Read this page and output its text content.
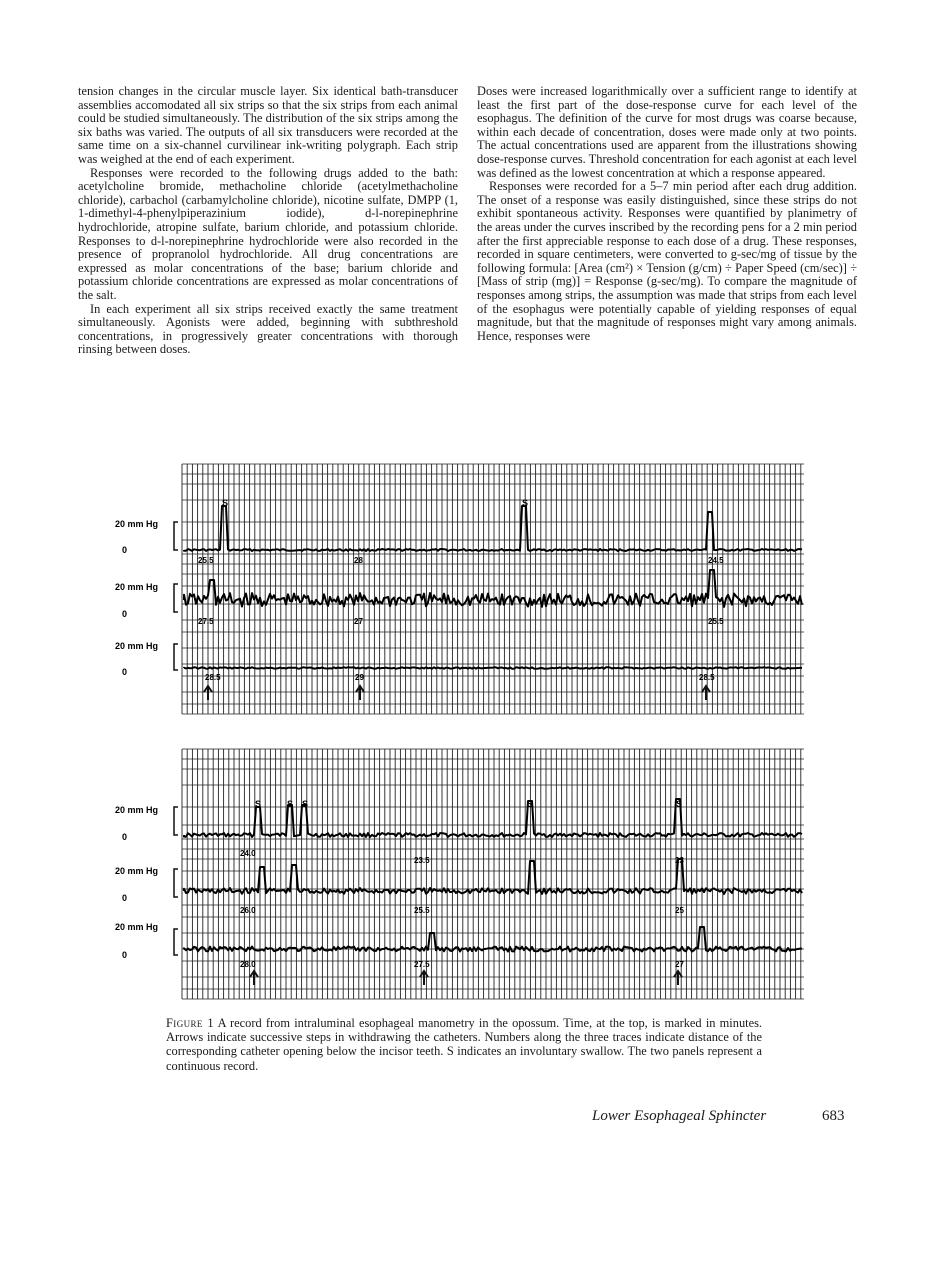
tension changes in the circular muscle layer. Six identical bath-transducer assemblies accomodated all six strips so that the six strips from each animal could be studied simultaneously. The distribution of the six strips among the six baths was varied. The outputs of all six transducers were recorded at the same time on a six-channel curvilinear ink-writing polygraph. Each strip was weighed at the end of each experiment.

Responses were recorded to the following drugs added to the bath: acetylcholine bromide, methacholine chloride (acetylmethacholine chloride), carbachol (carbamylcholine chloride), nicotine sulfate, DMPP (1, 1-dimethyl-4-phenylpiperazinium iodide), d-l-norepinephrine hydrochloride, atropine sulfate, barium chloride, and potassium chloride. Responses to d-l-norepinephrine hydrochloride were also recorded in the presence of propranolol hydrochloride. All drug concentrations are expressed as molar concentrations of the base; barium chloride and potassium chloride concentrations are expressed as molar concentrations of the salt.

In each experiment all six strips received exactly the same treatment simultaneously. Agonists were added, beginning with subthreshold concentrations, in progressively greater concentrations with thorough rinsing between doses.

Doses were increased logarithmically over a sufficient range to identify at least the first part of the dose-response curve for each level of the esophagus. The definition of the curve for most drugs was coarse because, within each decade of concentration, doses were made only at two points. The actual concentrations used are apparent from the illustrations showing dose-response curves. Threshold concentration for each agonist at each level was defined as the lowest concentration at which a response appeared.

Responses were recorded for a 5–7 min period after each drug addition. The onset of a response was easily distinguished, since these strips do not exhibit spontaneous activity. Responses were quantified by planimetry of the areas under the curves inscribed by the recording pens for a 2 min period after the first appreciable response to each dose of a drug. These responses, recorded in square centimeters, were converted to g-sec/mg of tissue by the following formula: [Area (cm²) × Tension (g/cm) ÷ Paper Speed (cm/sec)] ÷ [Mass of strip (mg)] = Response (g-sec/mg). To compare the magnitude of responses among strips, the assumption was made that strips from each level of the esophagus were potentially capable of yielding responses of equal magnitude, but that the magnitude of responses might vary among animals. Hence, responses were

20 mm Hg
0
20 mm Hg
0
20 mm Hg
0
S	S
25.5	28	24.5
27.5	27	25.5
28.5	29	28.5
20 mm Hg
0
20 mm Hg
0
20 mm Hg
0
S	S S	S	S
24.0
23.5	23
26.0	25.5	25
28.0	27.5	27
Figure 1 A record from intraluminal esophageal manometry in the opossum. Time, at the top, is marked in minutes. Arrows indicate successive steps in withdrawing the catheters. Numbers along the three traces indicate distance of the corresponding catheter opening below the incisor teeth. S indicates an involuntary swallow. The two panels represent a continuous record.
Lower Esophageal Sphincter	683
